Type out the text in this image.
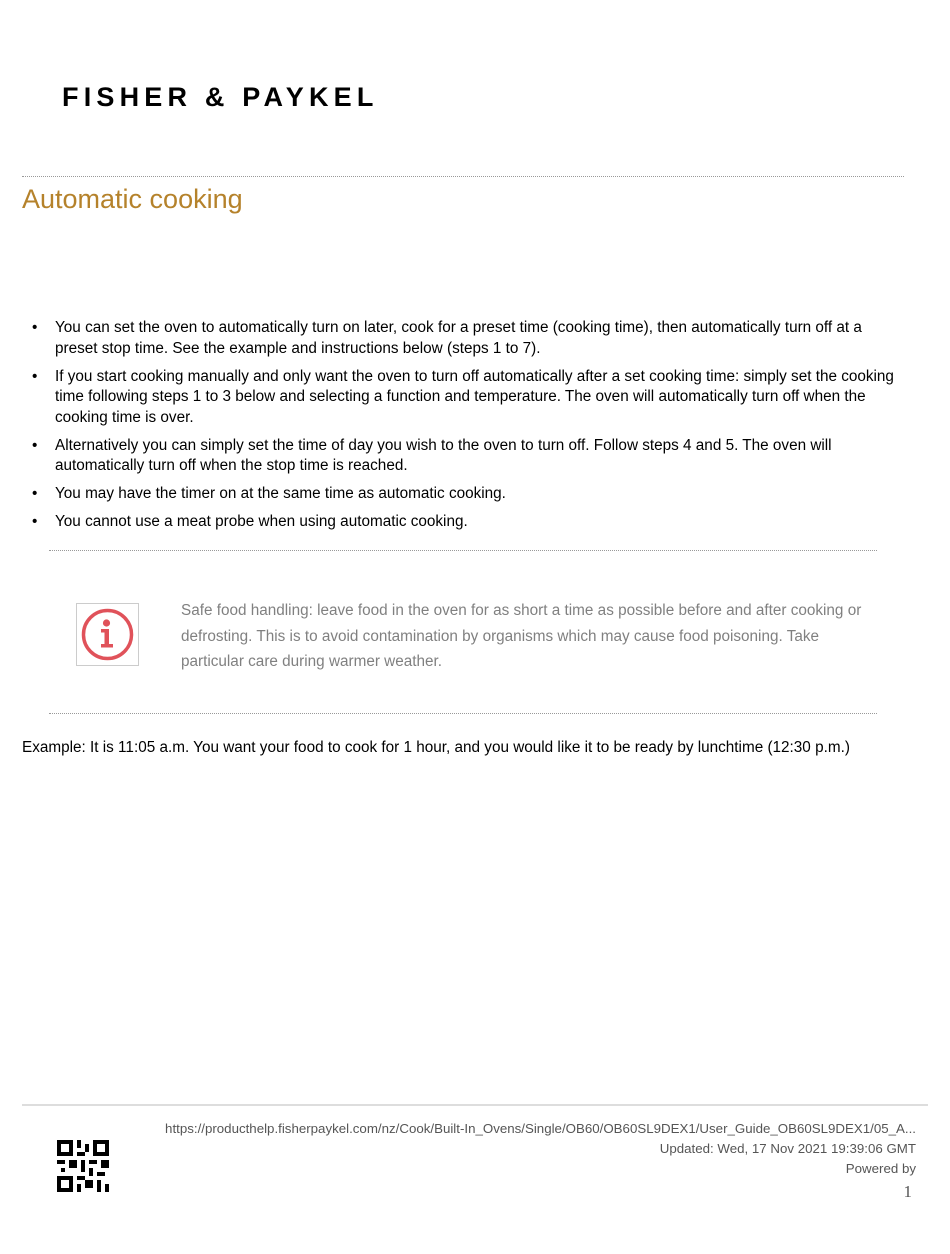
FISHER & PAYKEL
Automatic cooking
• You can set the oven to automatically turn on later, cook for a preset time (cooking time), then automatically turn off at a preset stop time. See the example and instructions below (steps 1 to 7).
• If you start cooking manually and only want the oven to turn off automatically after a set cooking time: simply set the cooking time following steps 1 to 3 below and selecting a function and temperature. The oven will automatically turn off when the cooking time is over.
• Alternatively you can simply set the time of day you wish to the oven to turn off. Follow steps 4 and 5. The oven will automatically turn off when the stop time is reached.
• You may have the timer on at the same time as automatic cooking.
• You cannot use a meat probe when using automatic cooking.
Safe food handling: leave food in the oven for as short a time as possible before and after cooking or defrosting. This is to avoid contamination by organisms which may cause food poisoning. Take particular care during warmer weather.
Example: It is 11:05 a.m. You want your food to cook for 1 hour, and you would like it to be ready by lunchtime (12:30 p.m.)
https://producthelp.fisherpaykel.com/nz/Cook/Built-In_Ovens/Single/OB60/OB60SL9DEX1/User_Guide_OB60SL9DEX1/05_A...
Updated: Wed, 17 Nov 2021 19:39:06 GMT
Powered by
1
